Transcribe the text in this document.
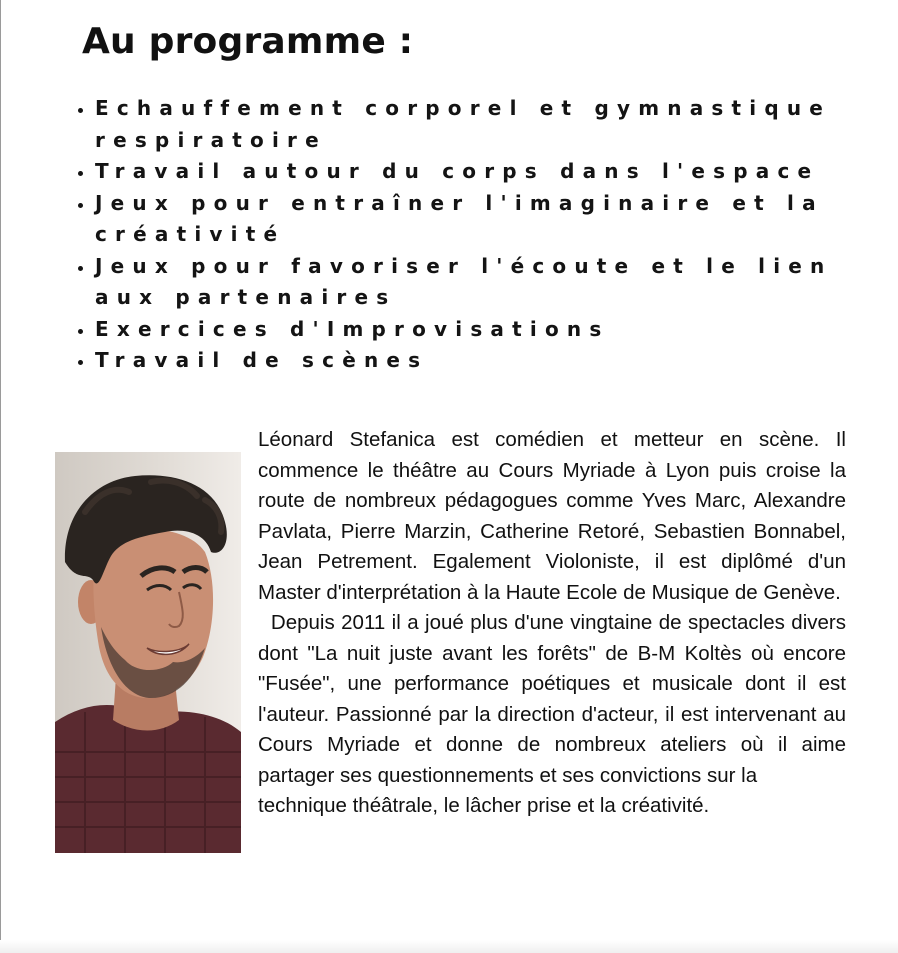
Au programme :
• Echauffement corporel et gymnastique respiratoire
• Travail autour du corps dans l'espace
• Jeux pour entraîner l'imaginaire et la créativité
• Jeux pour favoriser l'écoute et le lien aux partenaires
• Exercices d'Improvisations
• Travail de scènes

Léonard Stefanica est comédien et metteur en scène. Il commence le théâtre au Cours Myriade à Lyon puis croise la route de nombreux pédagogues comme Yves Marc, Alexandre Pavlata, Pierre Marzin, Catherine Retoré, Sebastien Bonnabel, Jean Petrement. Egalement Violoniste, il est diplômé d'un Master d'interprétation à la Haute Ecole de Musique de Genève.

Depuis 2011 il a joué plus d'une vingtaine de spectacles divers dont "La nuit juste avant les forêts" de B-M Koltès où encore "Fusée", une performance poétiques et musicale dont il est l'auteur. Passionné par la direction d'acteur, il est intervenant au Cours Myriade et donne de nombreux ateliers où il aime partager ses questionnements et ses convictions sur la

technique théâtrale, le lâcher prise et la créativité.
